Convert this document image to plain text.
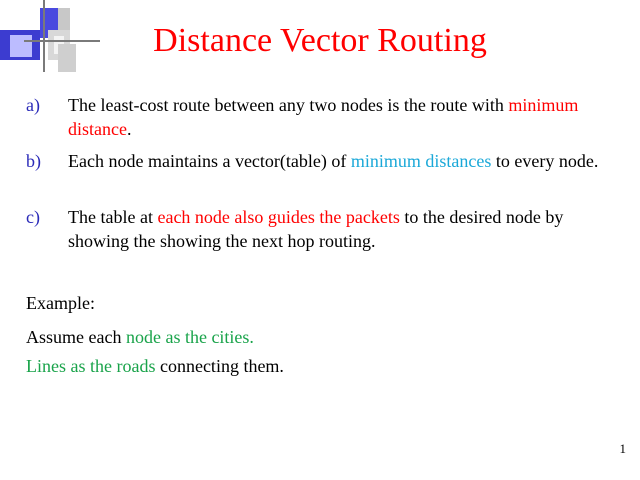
Distance Vector Routing
a) The least-cost route between any two nodes is the route with minimum distance.
b) Each node maintains a vector(table) of minimum distances to every node.
c) The table at each node also guides the packets to the desired node by showing the showing the next hop routing.
Example:
Assume each node as the cities.
Lines as the roads connecting them.
1
